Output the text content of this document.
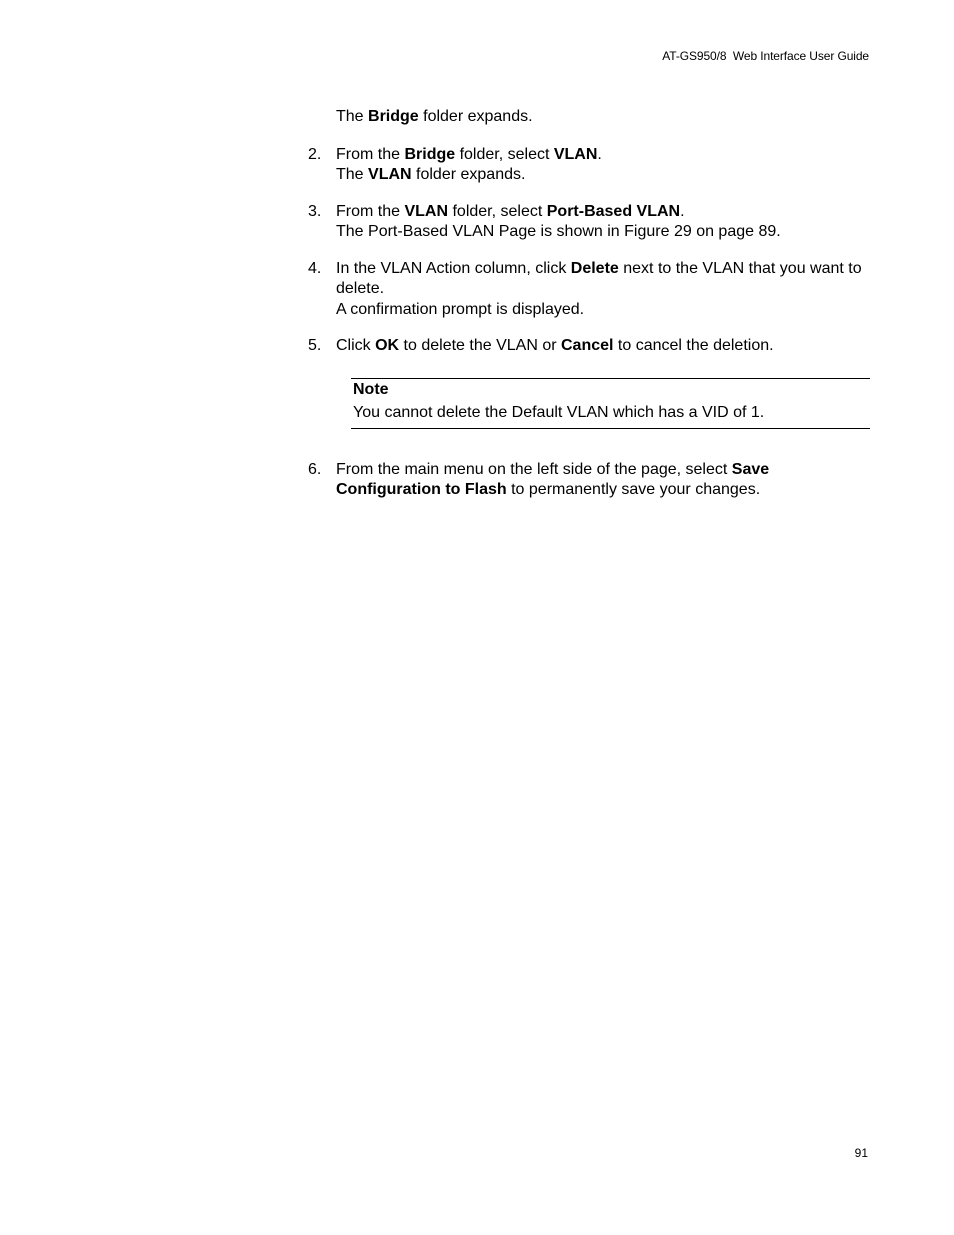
AT-GS950/8  Web Interface User Guide

The Bridge folder expands.

2. From the Bridge folder, select VLAN.

The VLAN folder expands.

3. From the VLAN folder, select Port-Based VLAN.

The Port-Based VLAN Page is shown in Figure 29 on page 89.

4. In the VLAN Action column, click Delete next to the VLAN that you want to delete.

A confirmation prompt is displayed.

5. Click OK to delete the VLAN or Cancel to cancel the deletion.

Note

You cannot delete the Default VLAN which has a VID of 1.

6. From the main menu on the left side of the page, select Save Configuration to Flash to permanently save your changes.

91
